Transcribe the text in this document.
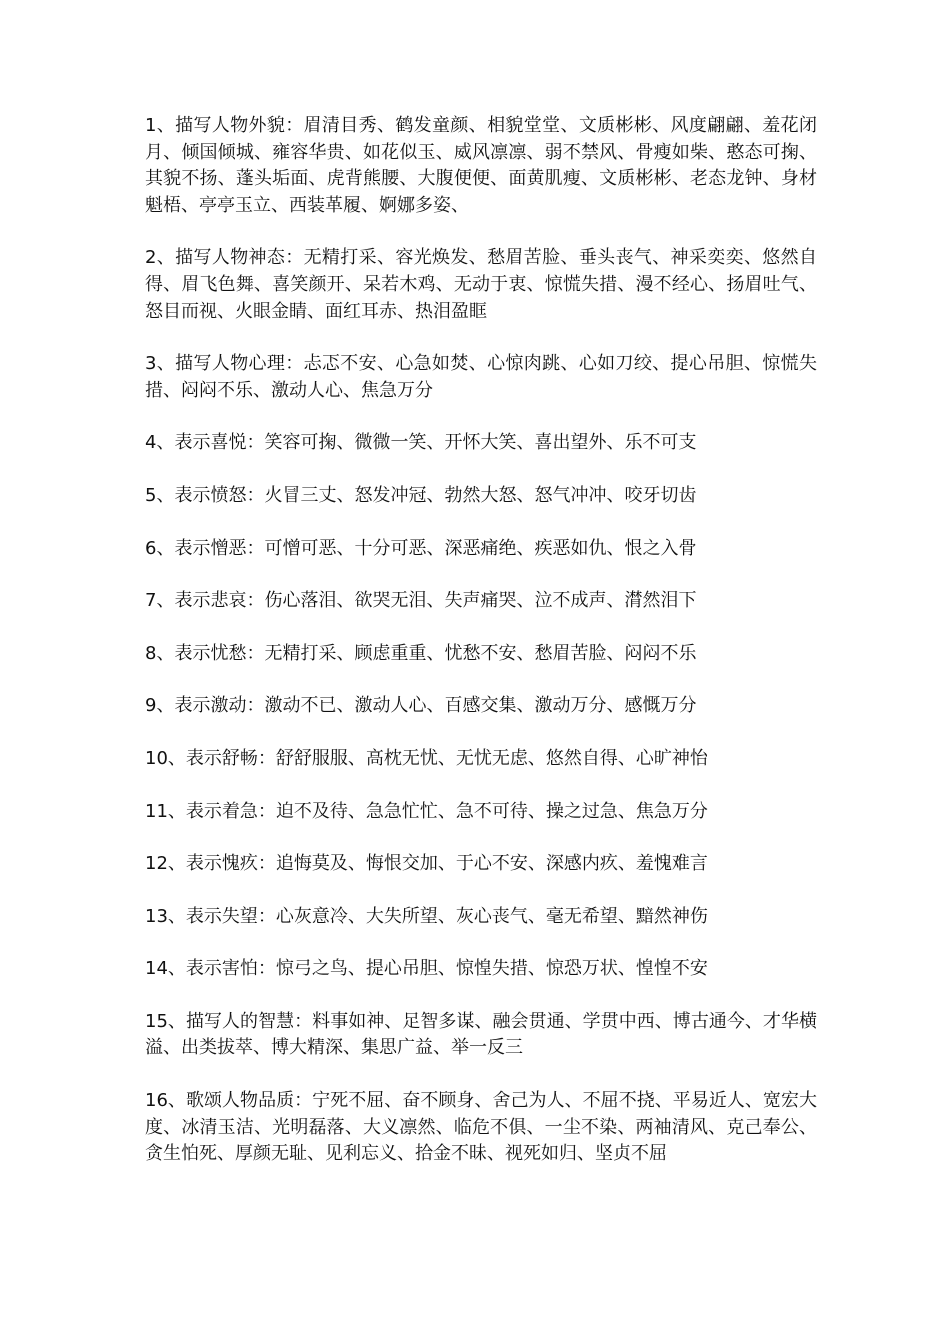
1、描写人物外貌：眉清目秀、鹤发童颜、相貌堂堂、文质彬彬、风度翩翩、羞花闭月、倾国倾城、雍容华贵、如花似玉、威风凛凛、弱不禁风、骨瘦如柴、憨态可掬、其貌不扬、蓬头垢面、虎背熊腰、大腹便便、面黄肌瘦、文质彬彬、老态龙钟、身材魁梧、亭亭玉立、西装革履、婀娜多姿、

2、描写人物神态：无精打采、容光焕发、愁眉苦脸、垂头丧气、神采奕奕、悠然自得、眉飞色舞、喜笑颜开、呆若木鸡、无动于衷、惊慌失措、漫不经心、扬眉吐气、怒目而视、火眼金睛、面红耳赤、热泪盈眶

3、描写人物心理：忐忑不安、心急如焚、心惊肉跳、心如刀绞、提心吊胆、惊慌失措、闷闷不乐、激动人心、焦急万分

4、表示喜悦：笑容可掬、微微一笑、开怀大笑、喜出望外、乐不可支

5、表示愤怒：火冒三丈、怒发冲冠、勃然大怒、怒气冲冲、咬牙切齿

6、表示憎恶：可憎可恶、十分可恶、深恶痛绝、疾恶如仇、恨之入骨

7、表示悲哀：伤心落泪、欲哭无泪、失声痛哭、泣不成声、潸然泪下

8、表示忧愁：无精打采、顾虑重重、忧愁不安、愁眉苦脸、闷闷不乐

9、表示激动：激动不已、激动人心、百感交集、激动万分、感慨万分

10、表示舒畅：舒舒服服、高枕无忧、无忧无虑、悠然自得、心旷神怡

11、表示着急：迫不及待、急急忙忙、急不可待、操之过急、焦急万分

12、表示愧疚：追悔莫及、悔恨交加、于心不安、深感内疚、羞愧难言

13、表示失望：心灰意冷、大失所望、灰心丧气、毫无希望、黯然神伤

14、表示害怕：惊弓之鸟、提心吊胆、惊惶失措、惊恐万状、惶惶不安

15、描写人的智慧：料事如神、足智多谋、融会贯通、学贯中西、博古通今、才华横溢、出类拔萃、博大精深、集思广益、举一反三

16、歌颂人物品质：宁死不屈、奋不顾身、舍己为人、不屈不挠、平易近人、宽宏大度、冰清玉洁、光明磊落、大义凛然、临危不俱、一尘不染、两袖清风、克己奉公、贪生怕死、厚颜无耻、见利忘义、拾金不昧、视死如归、坚贞不屈
